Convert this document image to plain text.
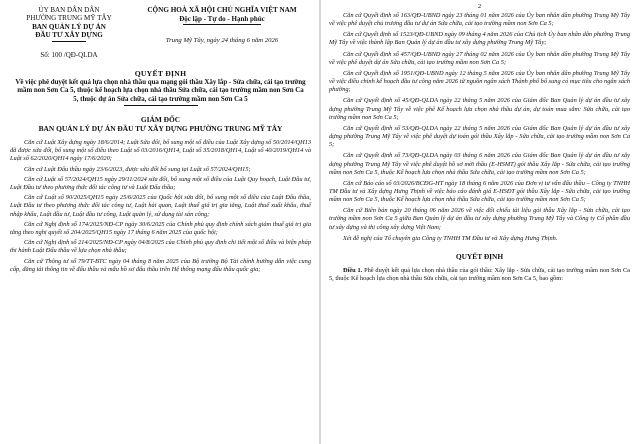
ỦY BAN DÂN DÂN
PHƯỜNG TRUNG MỸ TÂY
BAN QUẢN LÝ DỰ ÁN
ĐẦU TƯ XÂY DỰNG
Số: 100 /QĐ-QLDA
CỘNG HOÀ XÃ HỘI CHỦ NGHĨA VIỆT NAM
Độc lập - Tự do - Hạnh phúc
Trung Mỹ Tây, ngày 24 tháng 6 năm 2026
QUYẾT ĐỊNH
Về việc phê duyệt kết quả lựa chọn nhà thầu qua mạng gói thầu Xây lắp - Sửa chữa, cải tạo trường mầm non Sơn Ca 5, thuộc kế hoạch lựa chọn nhà thầu Sửa chữa, cải tạo trường mầm non Sơn Ca 5, thuộc dự án Sửa chữa, cải tạo trường mầm non Sơn Ca 5
GIÁM ĐỐC
BAN QUẢN LÝ DỰ ÁN ĐẦU TƯ XÂY DỰNG PHƯỜNG TRUNG MỸ TÂY

Căn cứ Luật Xây dựng ngày 18/6/2014; Luật Sửa đổi, bổ sung một số điều của Luật Xây dựng số 50/2014/QH13 đã được sửa đổi, bổ sung một số điều theo Luật số 03/2016/QH14, Luật số 35/2018/QH14, Luật số 40/2019/QH14 và Luật số 62/2020/QH14 ngày 17/6/2020;

Căn cứ Luật Đấu thầu ngày 23/6/2023, được sửa đổi bổ sung tại Luật số 57/2024/QH15;

Căn cứ Luật số 57/2024/QH15 ngày 29/11/2024 sửa đổi, bổ sung một số điều của Luật Quy hoạch, Luật Đầu tư, Luật Đầu tư theo phương thức đối tác công tư và Luật Đấu thầu;

Căn cứ Luật số 90/2025/QH15 ngày 25/6/2025 của Quốc hội sửa đổi, bổ sung một số điều của Luật Đấu thầu, Luật Đầu tư theo phương thức đối tác công tư, Luật hải quan, Luật thuế giá trị gia tăng, Luật thuế xuất khẩu, thuế nhập khẩu, Luật đầu tư, Luật đầu tư công, Luật quản lý, sử dụng tài sản công;

Căn cứ Nghị định số 174/2025/NĐ-CP ngày 30/6/2025 của Chính phủ quy định chính sách giảm thuế giá trị gia tăng theo nghị quyết số 204/2025/QH15 ngày 17 tháng 6 năm 2025 của quốc hội;

Căn cứ Nghị định số 214/2025/NĐ-CP ngày 04/8/2025 của Chính phủ quy định chi tiết một số điều và biện pháp thi hành Luật Đấu thầu về lựa chọn nhà thầu;

Căn cứ Thông tư số 79/TT-BTC ngày 04 tháng 8 năm 2025 của Bộ trưởng Bộ Tài chính hướng dẫn việc cung cấp, đăng tải thông tin về đấu thầu và mẫu hồ sơ đấu thầu trên Hệ thống mạng đấu thầu quốc gia;

2

Căn cứ Quyết định số 163/QĐ-UBND ngày 23 tháng 01 năm 2026 của Ủy ban nhân dân phường Trung Mỹ Tây về việc phê duyệt chủ trương đầu tư dự án Sửa chữa, cải tạo trường mầm non Sơn Ca 5;

Căn cứ Quyết định số 1523/QĐ-UBND ngày 09 tháng 4 năm 2026 của Chủ tịch Ủy ban nhân dân phường Trung Mỹ Tây về việc thành lập Ban Quản lý dự án đầu tư xây dựng phường Trung Mỹ Tây;

Căn cứ Quyết định số 457/QĐ-UBND ngày 27 tháng 02 năm 2026 của Ủy ban nhân dân phường Trung Mỹ Tây về việc phê duyệt dự án Sửa chữa, cải tạo trường mầm non Sơn Ca 5;

Căn cứ Quyết định số 1951/QĐ-UBND ngày 12 tháng 5 năm 2026 của Ủy ban nhân dân phường Trung Mỹ Tây về việc điều chỉnh kế hoạch đầu tư công năm 2026 từ nguồn ngân sách Thành phố bổ sung có mục tiêu cho ngân sách phường;

Căn cứ Quyết định số 45/QĐ-QLDA ngày 22 tháng 5 năm 2026 của Giám đốc Ban Quản lý dự án đầu tư xây dựng phường Trung Mỹ Tây về việc phê Kế hoạch lựa chọn nhà thầu dự án, dự toán mua sắm: Sửa chữa, cải tạo trường mầm non Sơn Ca 5;

Căn cứ Quyết định số 53/QĐ-QLDA ngày 22 tháng 5 năm 2026 của Giám đốc Ban Quản lý dự án đầu tư xây dựng phường Trung Mỹ Tây về việc phê duyệt dự toán gói thầu Xây lắp - Sửa chữa, cải tạo trường mầm non Sơn Ca 5;

Căn cứ Quyết định số 73/QĐ-QLDA ngày 03 tháng 6 năm 2026 của Giám đốc Ban Quản lý dự án đầu tư xây dựng phường Trung Mỹ Tây về việc phê duyệt hồ sơ mời thầu (E-HSMT) gói thầu Xây lắp - Sửa chữa, cải tạo trường mầm non Sơn Ca 5, thuộc Kế hoạch lựa chọn nhà thầu Sửa chữa, cải tạo trường mầm non Sơn Ca 5;

Căn cứ Báo cáo số 03/2026/BCĐG-HT ngày 18 tháng 6 năm 2026 của Đơn vị tư vấn đấu thầu – Công ty TNHH TM Đầu tư và Xây dựng Hưng Thịnh về việc báo cáo đánh giá E-HSĐT gói thầu Xây lắp - Sửa chữa, cải tạo trường mầm non Sơn Ca 5, thuộc Kế hoạch lựa chọn nhà thầu Sửa chữa, cải tạo trường mầm non Sơn Ca 5;

Căn cứ Biên bản ngày 20 tháng 06 năm 2026 về việc đối chiếu tài liệu gói thầu Xây lắp - Sửa chữa, cải tạo trường mầm non Sơn Ca 5 giữa Ban Quản lý dự án đầu tư xây dựng phường Trung Mỹ Tây và Công ty Cổ phần đầu tư xây dựng và thi công xây dựng Việt Nam;

Xét đề nghị của Tổ chuyên gia Công ty TNHH TM Đầu tư và Xây dựng Hưng Thịnh.

QUYẾT ĐỊNH
Điều 1. Phê duyệt kết quả lựa chọn nhà thầu của gói thầu: Xây lắp - Sửa chữa, cải tạo trường mầm non Sơn Ca 5, thuộc Kế hoạch lựa chọn nhà thầu Sửa chữa, cải tạo trường mầm non Sơn Ca 5, bao gồm:
